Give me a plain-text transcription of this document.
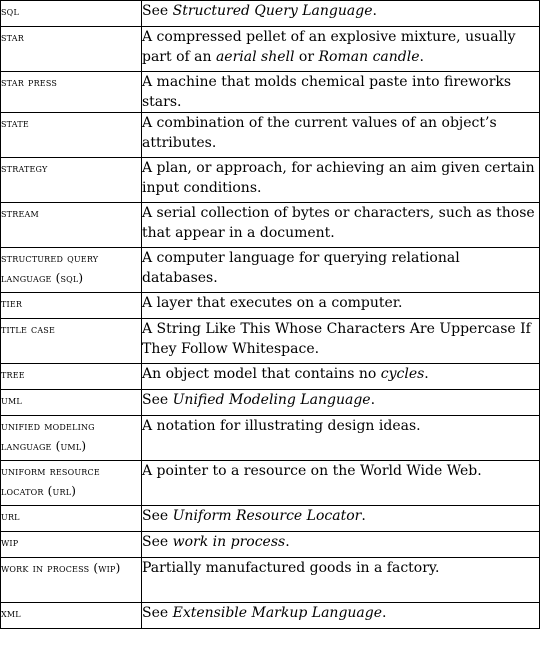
sql	See Structured Query Language.
star	A compressed pellet of an explosive mixture, usually part of an aerial shell or Roman candle.
star press	A machine that molds chemical paste into fireworks stars.
state	A combination of the current values of an object’s attributes.
strategy	A plan, or approach, for achieving an aim given certain input conditions.
stream	A serial collection of bytes or characters, such as those that appear in a document.
structured query language (sql)	A computer language for querying relational databases.
tier	A layer that executes on a computer.
title case	A String Like This Whose Characters Are Uppercase If They Follow Whitespace.
tree	An object model that contains no cycles.
uml	See Unified Modeling Language.
unified modeling language (uml)	A notation for illustrating design ideas.
uniform resource locator (url)	A pointer to a resource on the World Wide Web.
url	See Uniform Resource Locator.
wip	See work in process.
work in process (wip)	Partially manufactured goods in a factory.
xml	See Extensible Markup Language.
